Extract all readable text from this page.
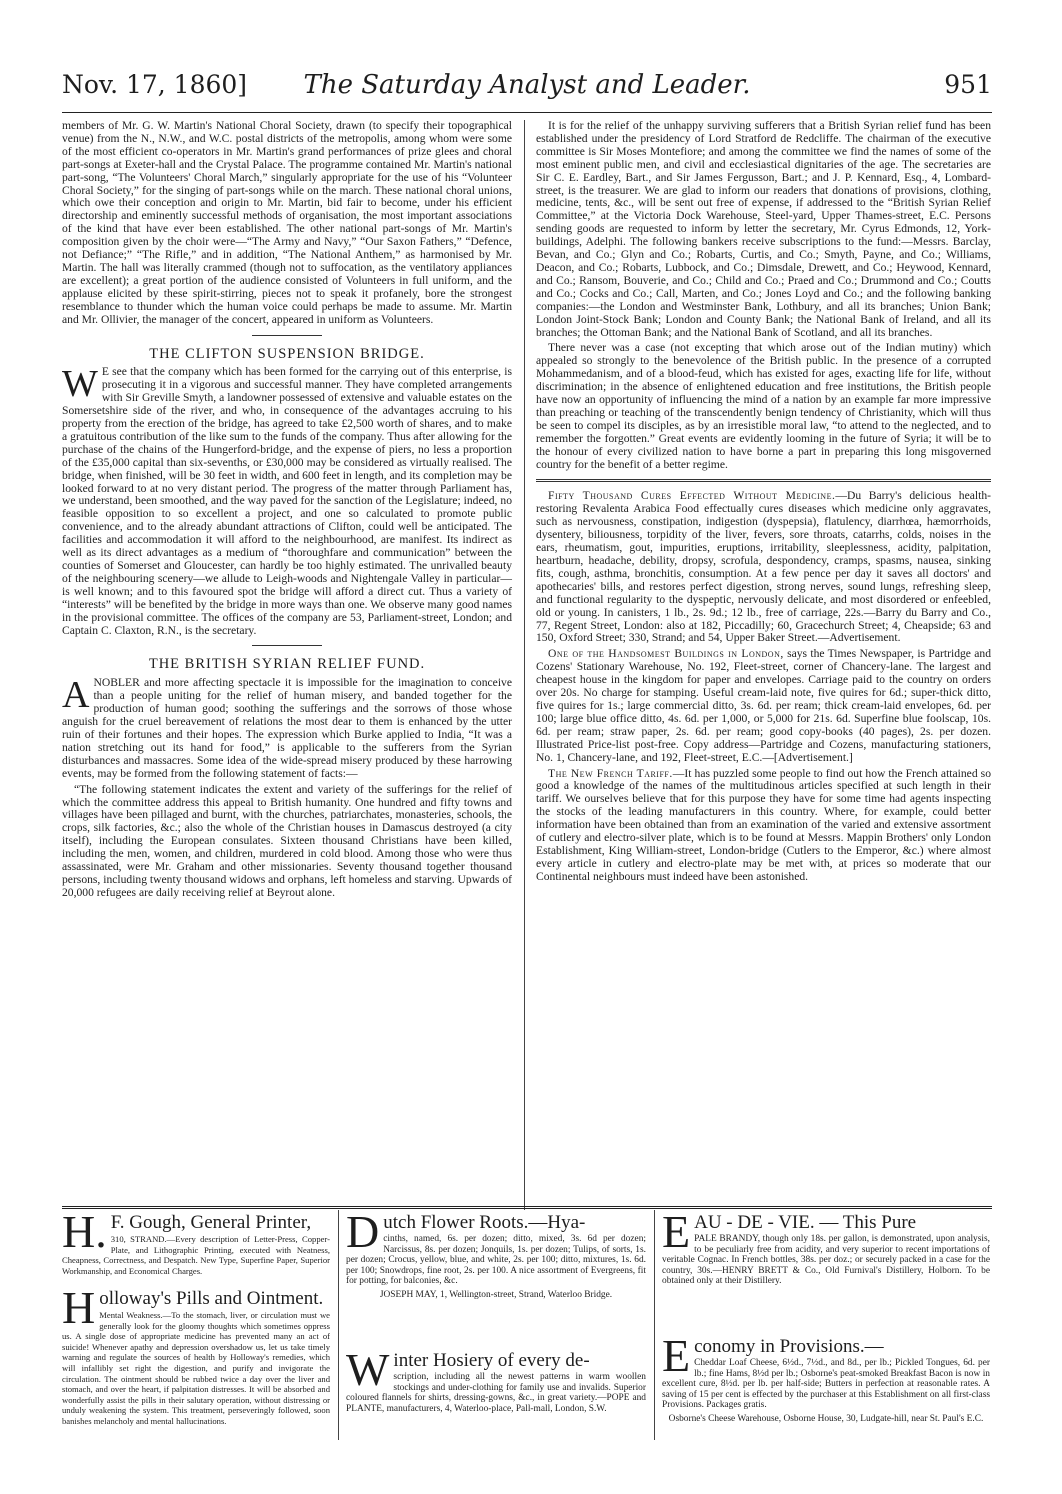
Nov. 17, 1860]	The Saturday Analyst and Leader.	951

members of Mr. G. W. Martin's National Choral Society, drawn (to specify their topographical venue) from the N., N.W., and W.C. postal districts of the metropolis, among whom were some of the most efficient co-operators in Mr. Martin's grand performances of prize glees and choral part-songs at Exeter-hall and the Crystal Palace. The programme contained Mr. Martin's national part-song, “The Volunteers' Choral March,” singularly appropriate for the use of his “Volunteer Choral Society,” for the singing of part-songs while on the march. These national choral unions, which owe their conception and origin to Mr. Martin, bid fair to become, under his efficient directorship and eminently successful methods of organisation, the most important associations of the kind that have ever been established. The other national part-songs of Mr. Martin's composition given by the choir were—“The Army and Navy,” “Our Saxon Fathers,” “Defence, not Defiance;” “The Rifle,” and in addition, “The National Anthem,” as harmonised by Mr. Martin. The hall was literally crammed (though not to suffocation, as the ventilatory appliances are excellent); a great portion of the audience consisted of Volunteers in full uniform, and the applause elicited by these spirit-stirring, pieces not to speak it profanely, bore the strongest resemblance to thunder which the human voice could perhaps be made to assume. Mr. Martin and Mr. Ollivier, the manager of the concert, appeared in uniform as Volunteers.

THE CLIFTON SUSPENSION BRIDGE.

W E see that the company which has been formed for the carrying out of this enterprise, is prosecuting it in a vigorous and successful manner. They have completed arrangements with Sir Greville Smyth, a landowner possessed of extensive and valuable estates on the Somersetshire side of the river, and who, in consequence of the advantages accruing to his property from the erection of the bridge, has agreed to take £2,500 worth of shares, and to make a gratuitous contribution of the like sum to the funds of the company. Thus after allowing for the purchase of the chains of the Hungerford-bridge, and the expense of piers, no less a proportion of the £35,000 capital than six-sevenths, or £30,000 may be considered as virtually realised. The bridge, when finished, will be 30 feet in width, and 600 feet in length, and its completion may be looked forward to at no very distant period. The progress of the matter through Parliament has, we understand, been smoothed, and the way paved for the sanction of the Legislature; indeed, no feasible opposition to so excellent a project, and one so calculated to promote public convenience, and to the already abundant attractions of Clifton, could well be anticipated. The facilities and accommodation it will afford to the neighbourhood, are manifest. Its indirect as well as its direct advantages as a medium of “thoroughfare and communication” between the counties of Somerset and Gloucester, can hardly be too highly estimated. The unrivalled beauty of the neighbouring scenery—we allude to Leigh-woods and Nightengale Valley in particular—is well known; and to this favoured spot the bridge will afford a direct cut. Thus a variety of “interests” will be benefited by the bridge in more ways than one. We observe many good names in the provisional committee. The offices of the company are 53, Parliament-street, London; and Captain C. Claxton, R.N., is the secretary.

THE BRITISH SYRIAN RELIEF FUND.

ANOBLER and more affecting spectacle it is impossible for the imagination to conceive than a people uniting for the relief of human misery, and banded together for the production of human good; soothing the sufferings and the sorrows of those whose anguish for the cruel bereavement of relations the most dear to them is enhanced by the utter ruin of their fortunes and their hopes. The expression which Burke applied to India, “It was a nation stretching out its hand for food,” is applicable to the sufferers from the Syrian disturbances and massacres. Some idea of the wide-spread misery produced by these harrowing events, may be formed from the following statement of facts:—

“The following statement indicates the extent and variety of the sufferings for the relief of which the committee address this appeal to British humanity. One hundred and fifty towns and villages have been pillaged and burnt, with the churches, patriarchates, monasteries, schools, the crops, silk factories, &c.; also the whole of the Christian houses in Damascus destroyed (a city itself), including the European consulates. Sixteen thousand Christians have been killed, including the men, women, and children, murdered in cold blood. Among those who were thus assassinated, were Mr. Graham and other missionaries. Seventy thousand together thousand persons, including twenty thousand widows and orphans, left homeless and starving. Upwards of 20,000 refugees are daily receiving relief at Beyrout alone.

It is for the relief of the unhappy surviving sufferers that a British Syrian relief fund has been established under the presidency of Lord Stratford de Redcliffe. The chairman of the executive committee is Sir Moses Montefiore; and among the committee we find the names of some of the most eminent public men, and civil and ecclesiastical dignitaries of the age. The secretaries are Sir C. E. Eardley, Bart., and Sir James Fergusson, Bart.; and J. P. Kennard, Esq., 4, Lombard-street, is the treasurer. We are glad to inform our readers that donations of provisions, clothing, medicine, tents, &c., will be sent out free of expense, if addressed to the “British Syrian Relief Committee,” at the Victoria Dock Warehouse, Steel-yard, Upper Thames-street, E.C. Persons sending goods are requested to inform by letter the secretary, Mr. Cyrus Edmonds, 12, York-buildings, Adelphi. The following bankers receive subscriptions to the fund:—Messrs. Barclay, Bevan, and Co.; Glyn and Co.; Robarts, Curtis, and Co.; Smyth, Payne, and Co.; Williams, Deacon, and Co.; Robarts, Lubbock, and Co.; Dimsdale, Drewett, and Co.; Heywood, Kennard, and Co.; Ransom, Bouverie, and Co.; Child and Co.; Praed and Co.; Drummond and Co.; Coutts and Co.; Cocks and Co.; Call, Marten, and Co.; Jones Loyd and Co.; and the following banking companies:—the London and Westminster Bank, Lothbury, and all its branches; Union Bank; London Joint-Stock Bank; London and County Bank; the National Bank of Ireland, and all its branches; the Ottoman Bank; and the National Bank of Scotland, and all its branches.

There never was a case (not excepting that which arose out of the Indian mutiny) which appealed so strongly to the benevolence of the British public. In the presence of a corrupted Mohammedanism, and of a blood-feud, which has existed for ages, exacting life for life, without discrimination; in the absence of enlightened education and free institutions, the British people have now an opportunity of influencing the mind of a nation by an example far more impressive than preaching or teaching of the transcendently benign tendency of Christianity, which will thus be seen to compel its disciples, as by an irresistible moral law, “to attend to the neglected, and to remember the forgotten.” Great events are evidently looming in the future of Syria; it will be to the honour of every civilized nation to have borne a part in preparing this long misgoverned country for the benefit of a better regime.

Fifty Thousand Cures Effected Without Medicine.—Du Barry's delicious health-restoring Revalenta Arabica Food effectually cures diseases which medicine only aggravates, such as nervousness, constipation, indigestion (dyspepsia), flatulency, diarrhœa, hæmorrhoids, dysentery, biliousness, torpidity of the liver, fevers, sore throats, catarrhs, colds, noises in the ears, rheumatism, gout, impurities, eruptions, irritability, sleeplessness, acidity, palpitation, heartburn, headache, debility, dropsy, scrofula, despondency, cramps, spasms, nausea, sinking fits, cough, asthma, bronchitis, consumption. At a few pence per day it saves all doctors' and apothecaries' bills, and restores perfect digestion, strong nerves, sound lungs, refreshing sleep, and functional regularity to the dyspeptic, nervously delicate, and most disordered or enfeebled, old or young. In canisters, 1 lb., 2s. 9d.; 12 lb., free of carriage, 22s.—Barry du Barry and Co., 77, Regent Street, London: also at 182, Piccadilly; 60, Gracechurch Street; 4, Cheapside; 63 and 150, Oxford Street; 330, Strand; and 54, Upper Baker Street.—Advertisement.

One of the Handsomest Buildings in London, says the Times Newspaper, is Partridge and Cozens' Stationary Warehouse, No. 192, Fleet-street, corner of Chancery-lane. The largest and cheapest house in the kingdom for paper and envelopes. Carriage paid to the country on orders over 20s. No charge for stamping. Useful cream-laid note, five quires for 6d.; super-thick ditto, five quires for 1s.; large commercial ditto, 3s. 6d. per ream; thick cream-laid envelopes, 6d. per 100; large blue office ditto, 4s. 6d. per 1,000, or 5,000 for 21s. 6d. Superfine blue foolscap, 10s. 6d. per ream; straw paper, 2s. 6d. per ream; good copy-books (40 pages), 2s. per dozen. Illustrated Price-list post-free. Copy address—Partridge and Cozens, manufacturing stationers, No. 1, Chancery-lane, and 192, Fleet-street, E.C.—[Advertisement.]

The New French Tariff.—It has puzzled some people to find out how the French attained so good a knowledge of the names of the multitudinous articles specified at such length in their tariff. We ourselves believe that for this purpose they have for some time had agents inspecting the stocks of the leading manufacturers in this country. Where, for example, could better information have been obtained than from an examination of the varied and extensive assortment of cutlery and electro-silver plate, which is to be found at Messrs. Mappin Brothers' only London Establishment, King William-street, London-bridge (Cutlers to the Emperor, &c.) where almost every article in cutlery and electro-plate may be met with, at prices so moderate that our Continental neighbours must indeed have been astonished.

H. F. Gough, General Printer,

310, STRAND.—Every description of Letter-Press, Copper-Plate, and Lithographic Printing, executed with Neatness, Cheapness, Correctness, and Despatch. New Type, Superfine Paper, Superior Workmanship, and Economical Charges.

H olloway's Pills and Ointment.

Mental Weakness.—To the stomach, liver, or circulation must we generally look for the gloomy thoughts which sometimes oppress us. A single dose of appropriate medicine has prevented many an act of suicide! Whenever apathy and depression overshadow us, let us take timely warning and regulate the sources of health by Holloway's remedies, which will infallibly set right the digestion, and purify and invigorate the circulation. The ointment should be rubbed twice a day over the liver and stomach, and over the heart, if palpitation distresses. It will be absorbed and wonderfully assist the pills in their salutary operation, without distressing or unduly weakening the system. This treatment, perseveringly followed, soon banishes melancholy and mental hallucinations.

D utch Flower Roots.—Hya-

cinths, named, 6s. per dozen; ditto, mixed, 3s. 6d per dozen; Narcissus, 8s. per dozen; Jonquils, 1s. per dozen; Tulips, of sorts, 1s. per dozen; Crocus, yellow, blue, and white, 2s. per 100; ditto, mixtures, 1s. 6d. per 100; Snowdrops, fine root, 2s. per 100. A nice assortment of Evergreens, fit for potting, for balconies, &c.

JOSEPH MAY, 1, Wellington-street, Strand, Waterloo Bridge.

W inter Hosiery of every de-

scription, including all the newest patterns in warm woollen stockings and under-clothing for family use and invalids. Superior coloured flannels for shirts, dressing-gowns, &c., in great variety.—POPE and PLANTE, manufacturers, 4, Waterloo-place, Pall-mall, London, S.W.

E AU - DE - VIE. — This Pure

PALE BRANDY, though only 18s. per gallon, is demonstrated, upon analysis, to be peculiarly free from acidity, and very superior to recent importations of veritable Cognac. In French bottles, 38s. per doz.; or securely packed in a case for the country, 30s.—HENRY BRETT & Co., Old Furnival's Distillery, Holborn. To be obtained only at their Distillery.

E conomy in Provisions.—

Cheddar Loaf Cheese, 6½d., 7½d., and 8d., per lb.; Pickled Tongues, 6d. per lb.; fine Hams, 8½d per lb.; Osborne's peat-smoked Breakfast Bacon is now in excellent cure, 8½d. per lb. per half-side; Butters in perfection at reasonable rates. A saving of 15 per cent is effected by the purchaser at this Establishment on all first-class Provisions. Packages gratis.

Osborne's Cheese Warehouse, Osborne House, 30, Ludgate-hill, near St. Paul's E.C.
